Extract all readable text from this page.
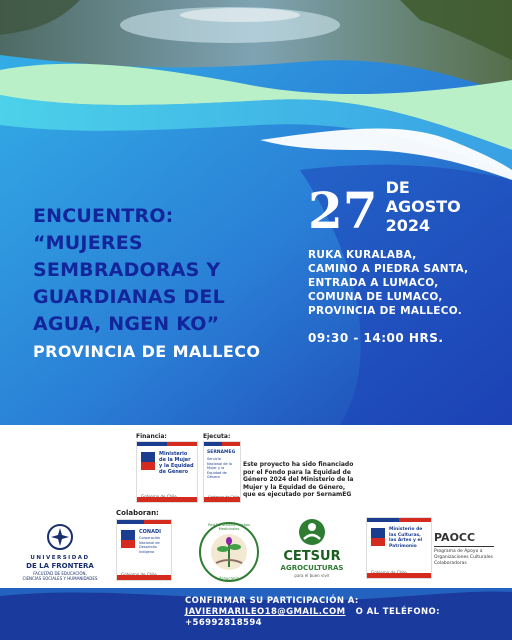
ENCUENTRO:
“MUJERES
SEMBRADORAS Y
GUARDIANAS DEL
AGUA, NGEN KO”
PROVINCIA DE MALLECO
27 DE
AGOSTO
2024
RUKA KURALABA,
CAMINO A PIEDRA SANTA,
ENTRADA A LUMACO,
COMUNA DE LUMACO,
PROVINCIA DE MALLECO.
09:30 - 14:00 HRS.
Financia:
Ministerio de la Mujer y la Equidad de Género
Ejecuta:
SERNAMEG
Servicio Nacional de la Mujer y la Equidad de Género
Este proyecto ha sido financiado
por el Fondo para la Equidad de
Género 2024 del Ministerio de la
Mujer y la Equidad de Género,
que es ejecutado por SernamEG
Colaboran:
UNIVERSIDAD
DE LA FRONTERA
FACULTAD DE EDUCACIÓN,
CIENCIAS SOCIALES Y HUMANIDADES
CONADI
Corporación Nacional de Desarrollo Indígena
Red Contraloría Hierbas Medicinales
Araucanía
CETSUR
AGROCULTURAS
para el buen vivir
Ministerio de las Culturas, las Artes y el Patrimonio
PAOCC
Programa de Apoyo a
Organizaciones Culturales
Colaboradoras
CONFIRMAR SU PARTICIPACIÓN A:
JAVIERMARILEO18@GMAIL.COM O AL TELÉFONO: +56992818594
